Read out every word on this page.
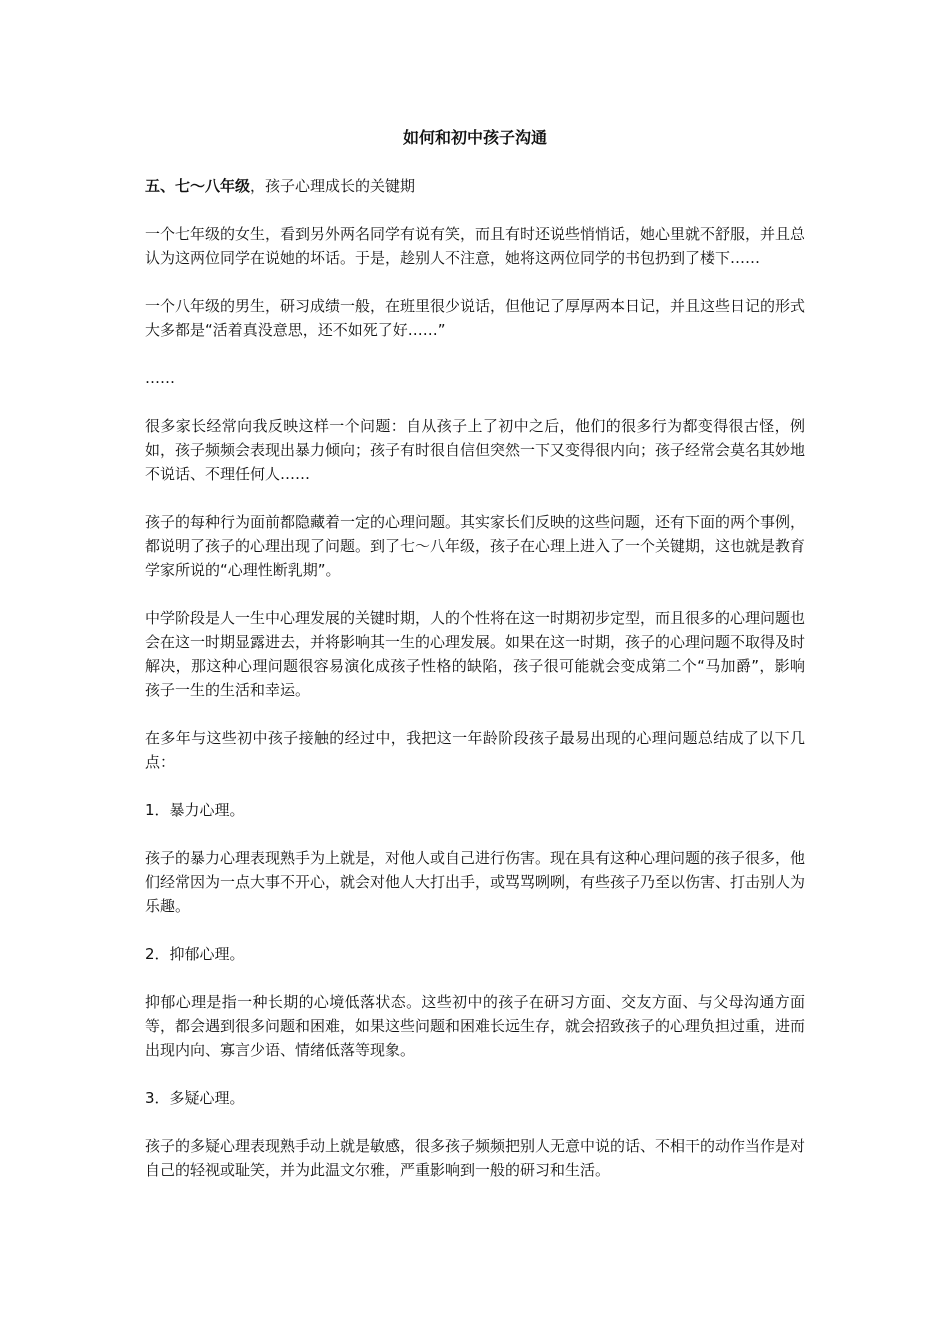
如何和初中孩子沟通

五、七～八年级，孩子心理成长的关键期

一个七年级的女生，看到另外两名同学有说有笑，而且有时还说些悄悄话，她心里就不舒服，并且总认为这两位同学在说她的坏话。于是，趁别人不注意，她将这两位同学的书包扔到了楼下……

一个八年级的男生，研习成绩一般，在班里很少说话，但他记了厚厚两本日记，并且这些日记的形式大多都是“活着真没意思，还不如死了好……”

……

很多家长经常向我反映这样一个问题：自从孩子上了初中之后，他们的很多行为都变得很古怪，例如，孩子频频会表现出暴力倾向；孩子有时很自信但突然一下又变得很内向；孩子经常会莫名其妙地不说话、不理任何人……

孩子的每种行为面前都隐藏着一定的心理问题。其实家长们反映的这些问题，还有下面的两个事例，都说明了孩子的心理出现了问题。到了七～八年级，孩子在心理上进入了一个关键期，这也就是教育学家所说的“心理性断乳期”。

中学阶段是人一生中心理发展的关键时期，人的个性将在这一时期初步定型，而且很多的心理问题也会在这一时期显露进去，并将影响其一生的心理发展。如果在这一时期，孩子的心理问题不取得及时解决，那这种心理问题很容易演化成孩子性格的缺陷，孩子很可能就会变成第二个“马加爵”，影响孩子一生的生活和幸运。

在多年与这些初中孩子接触的经过中，我把这一年龄阶段孩子最易出现的心理问题总结成了以下几点：

1．暴力心理。

孩子的暴力心理表现熟手为上就是，对他人或自己进行伤害。现在具有这种心理问题的孩子很多，他们经常因为一点大事不开心，就会对他人大打出手，或骂骂咧咧，有些孩子乃至以伤害、打击别人为乐趣。

2．抑郁心理。

抑郁心理是指一种长期的心境低落状态。这些初中的孩子在研习方面、交友方面、与父母沟通方面等，都会遇到很多问题和困难，如果这些问题和困难长远生存，就会招致孩子的心理负担过重，进而出现内向、寡言少语、情绪低落等现象。

3．多疑心理。

孩子的多疑心理表现熟手动上就是敏感，很多孩子频频把别人无意中说的话、不相干的动作当作是对自己的轻视或耻笑，并为此温文尔雅，严重影响到一般的研习和生活。
